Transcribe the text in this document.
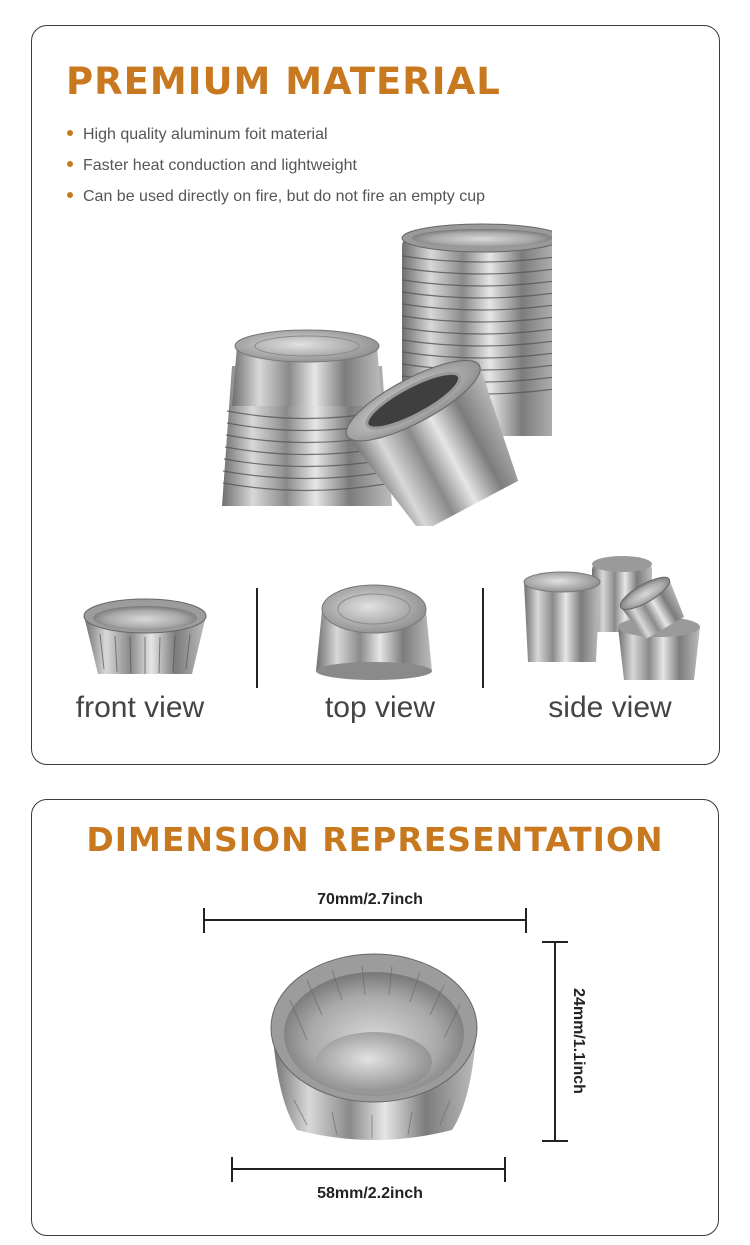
PREMIUM MATERIAL
High quality aluminum foit material
Faster heat conduction and lightweight
Can be used directly on fire, but do not fire an empty cup
front view	top view	side view
DIMENSION REPRESENTATION
70mm/2.7inch
24mm/1.1inch
58mm/2.2inch
